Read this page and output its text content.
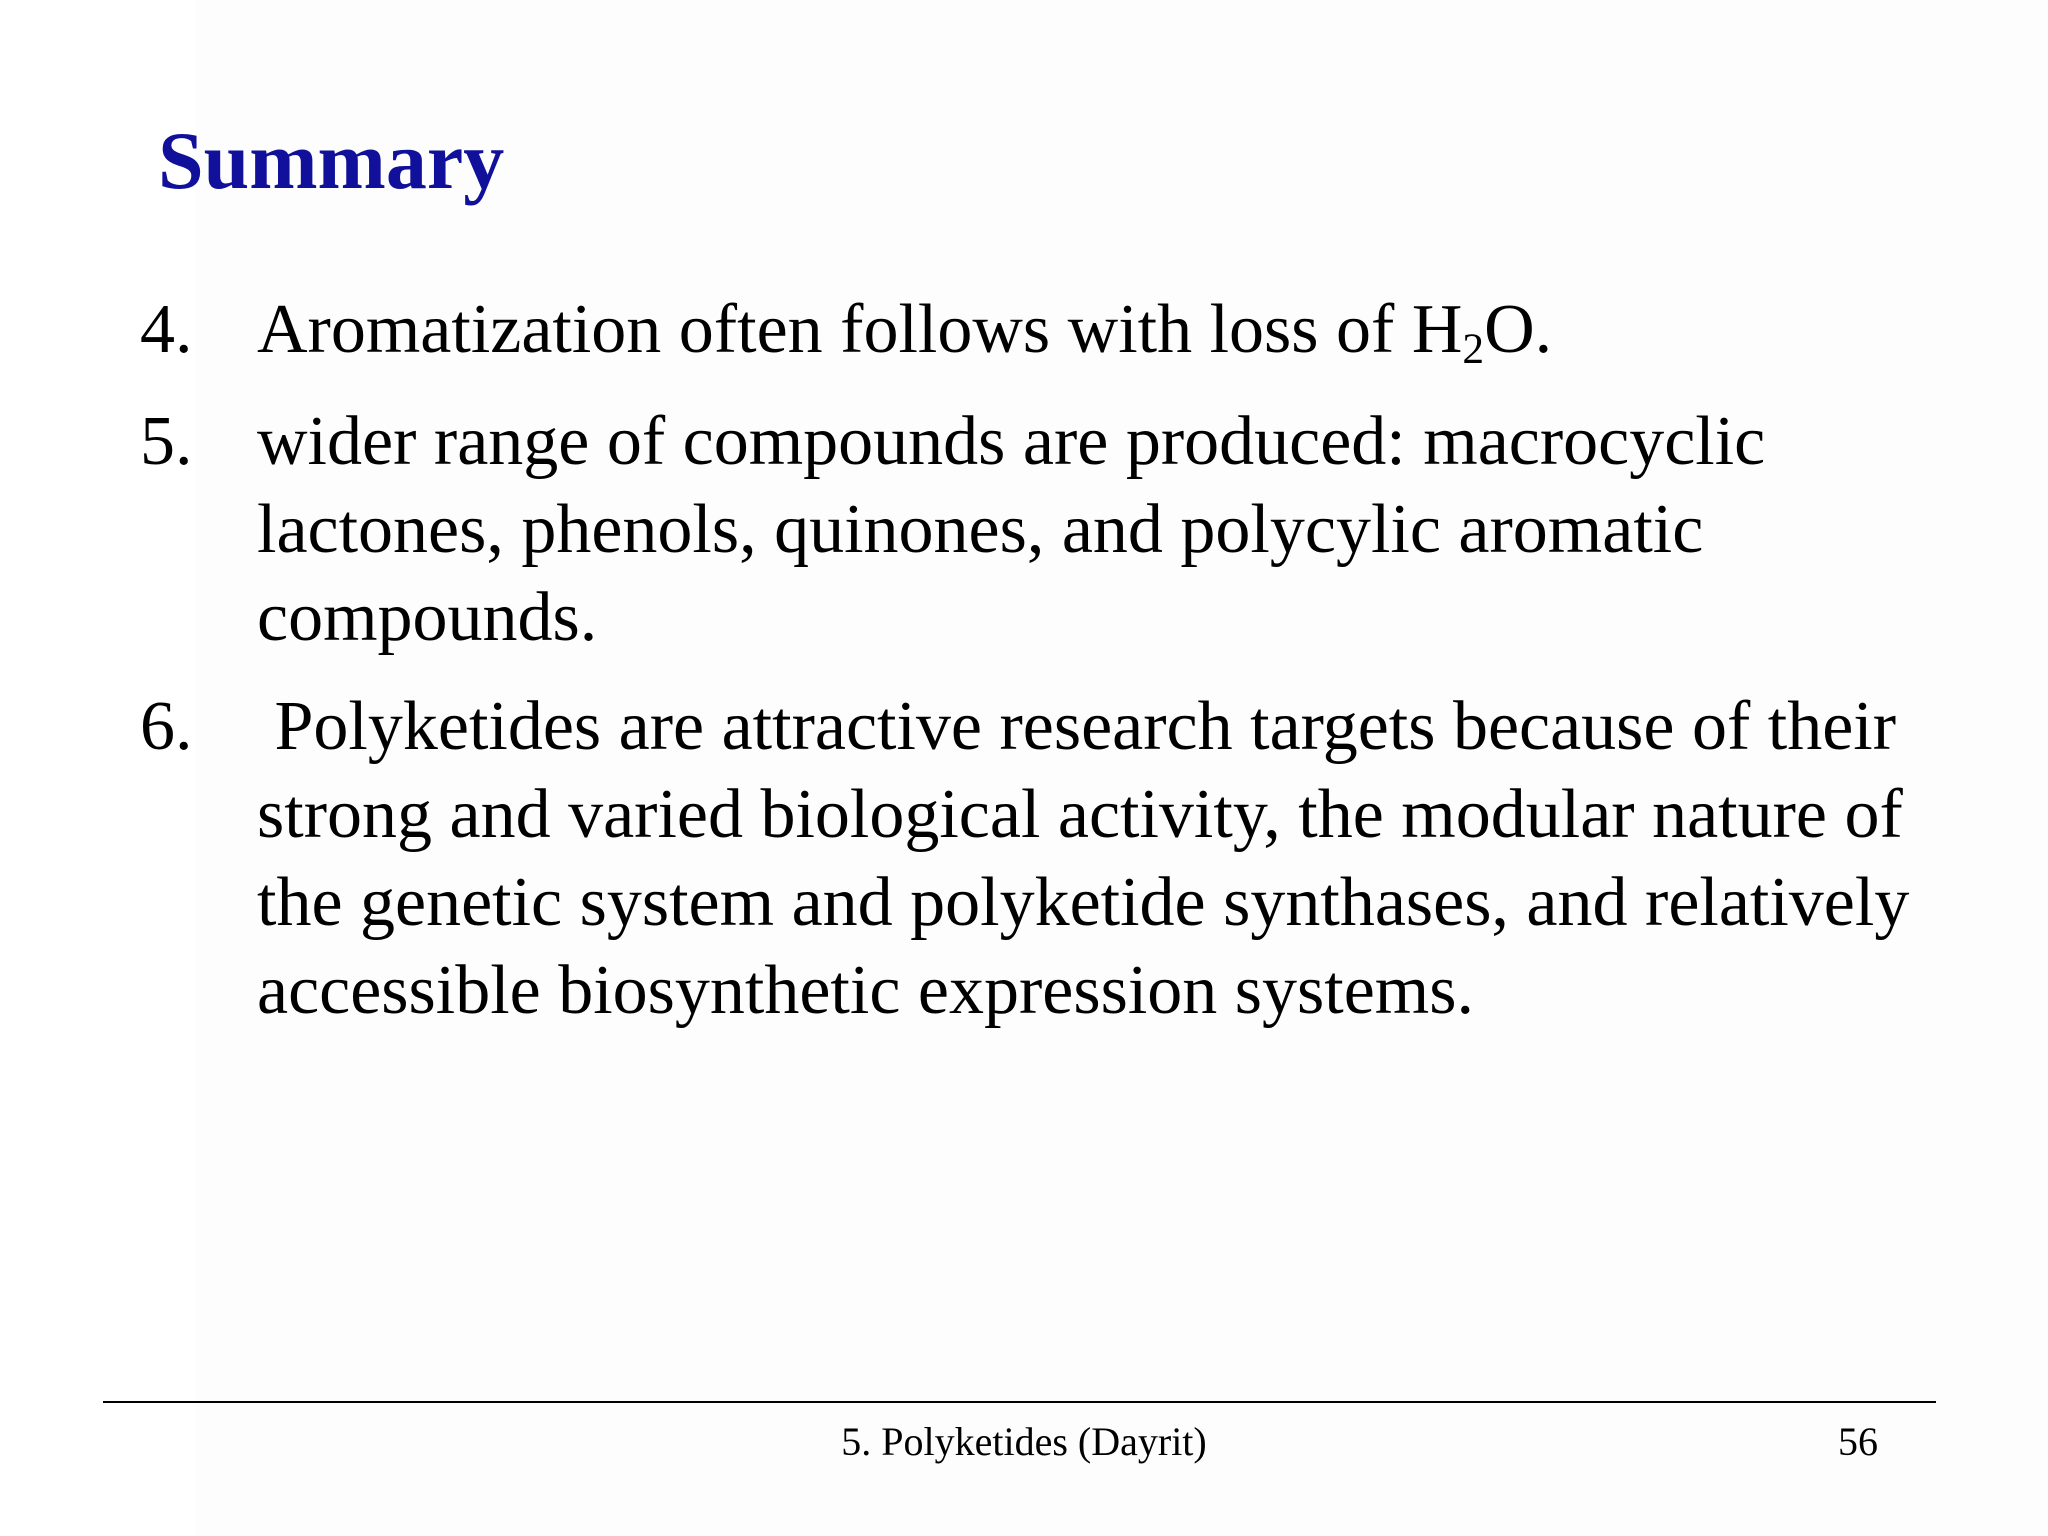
Summary
4. Aromatization often follows with loss of $H_2O$.
5. wider range of compounds are produced: macrocyclic lactones, phenols, quinones, and polycylic aromatic compounds.
6. Polyketides are attractive research targets because of their strong and varied biological activity, the modular nature of the genetic system and polyketide synthases, and relatively accessible biosynthetic expression systems.
5. Polyketides (Dayrit)	56
